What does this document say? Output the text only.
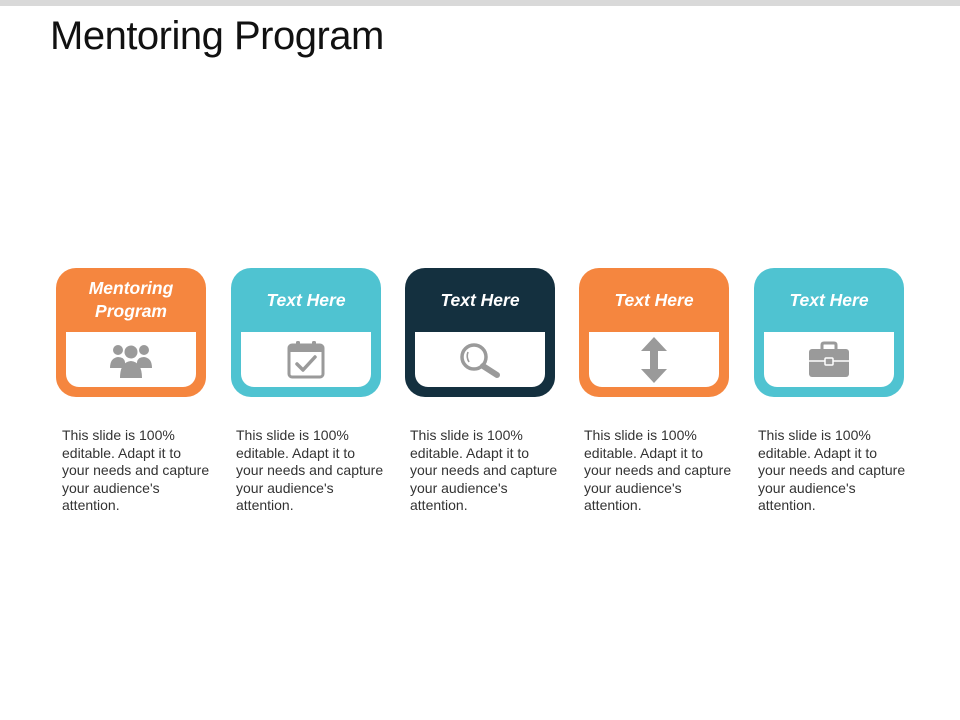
Mentoring Program
Mentoring Program
This slide is 100% editable. Adapt it to your needs and capture your audience's attention.
Text Here
This slide is 100% editable. Adapt it to your needs and capture your audience's attention.
Text Here
This slide is 100% editable. Adapt it to your needs and capture your audience's attention.
Text Here
This slide is 100% editable. Adapt it to your needs and capture your audience's attention.
Text Here
This slide is 100% editable. Adapt it to your needs and capture your audience's attention.
